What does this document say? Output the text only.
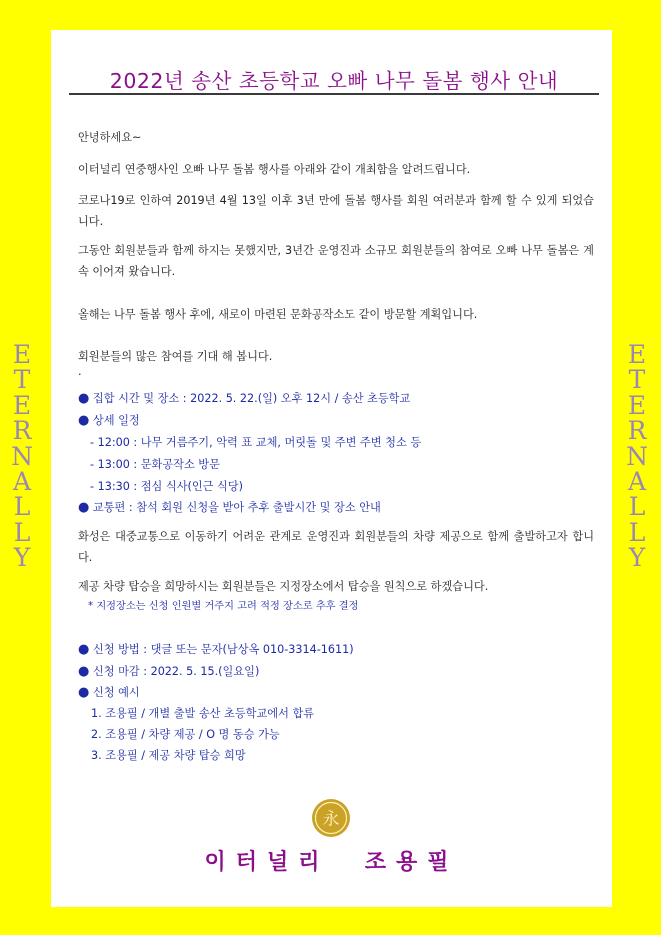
ETERNALLY
ETERNALLY
2022년 송산 초등학교 오빠 나무 돌봄 행사 안내
안녕하세요~
이터널리 연중행사인 오빠 나무 돌봄 행사를 아래와 같이 개최함을 알려드립니다.
코로나19로 인하여 2019년 4월 13일 이후 3년 만에 돌봄 행사를 회원 여러분과 함께 할 수 있게 되었습니다.
그동안 회원분들과 함께 하지는 못했지만, 3년간 운영진과 소규모 회원분들의 참여로 오빠 나무 돌봄은 계속 이어져 왔습니다.
올해는 나무 돌봄 행사 후에, 새로이 마련된 문화공작소도 같이 방문할 계획입니다.
회원분들의 많은 참여를 기대 해 봅니다.
.
● 집합 시간 및 장소 : 2022. 5. 22.(일) 오후 12시 / 송산 초등학교
● 상세 일정
- 12:00 : 나무 거름주기, 악력 표 교체, 머릿돌 및 주변 주변 청소 등
- 13:00 : 문화공작소 방문
- 13:30 : 점심 식사(인근 식당)
● 교통편 : 참석 회원 신청을 받아 추후 출발시간 및 장소 안내
화성은 대중교통으로 이동하기 어려운 관계로 운영진과 회원분들의 차량 제공으로 함께 출발하고자 합니다.
제공 차량 탑승을 희망하시는 회원분들은 지정장소에서 탑승을 원칙으로 하겠습니다.
* 지정장소는 신청 인원별 거주지 고려 적정 장소로 추후 결정
● 신청 방법 : 댓글 또는 문자(남상옥 010-3314-1611)
● 신청 마감 : 2022. 5. 15.(일요일)
● 신청 예시
1. 조용필 / 개별 출발 송산 초등학교에서 합류
2. 조용필 / 차량 제공 / O 명 동승 가능
3. 조용필 / 제공 차량 탑승 희망
永
이터널리  조용필
